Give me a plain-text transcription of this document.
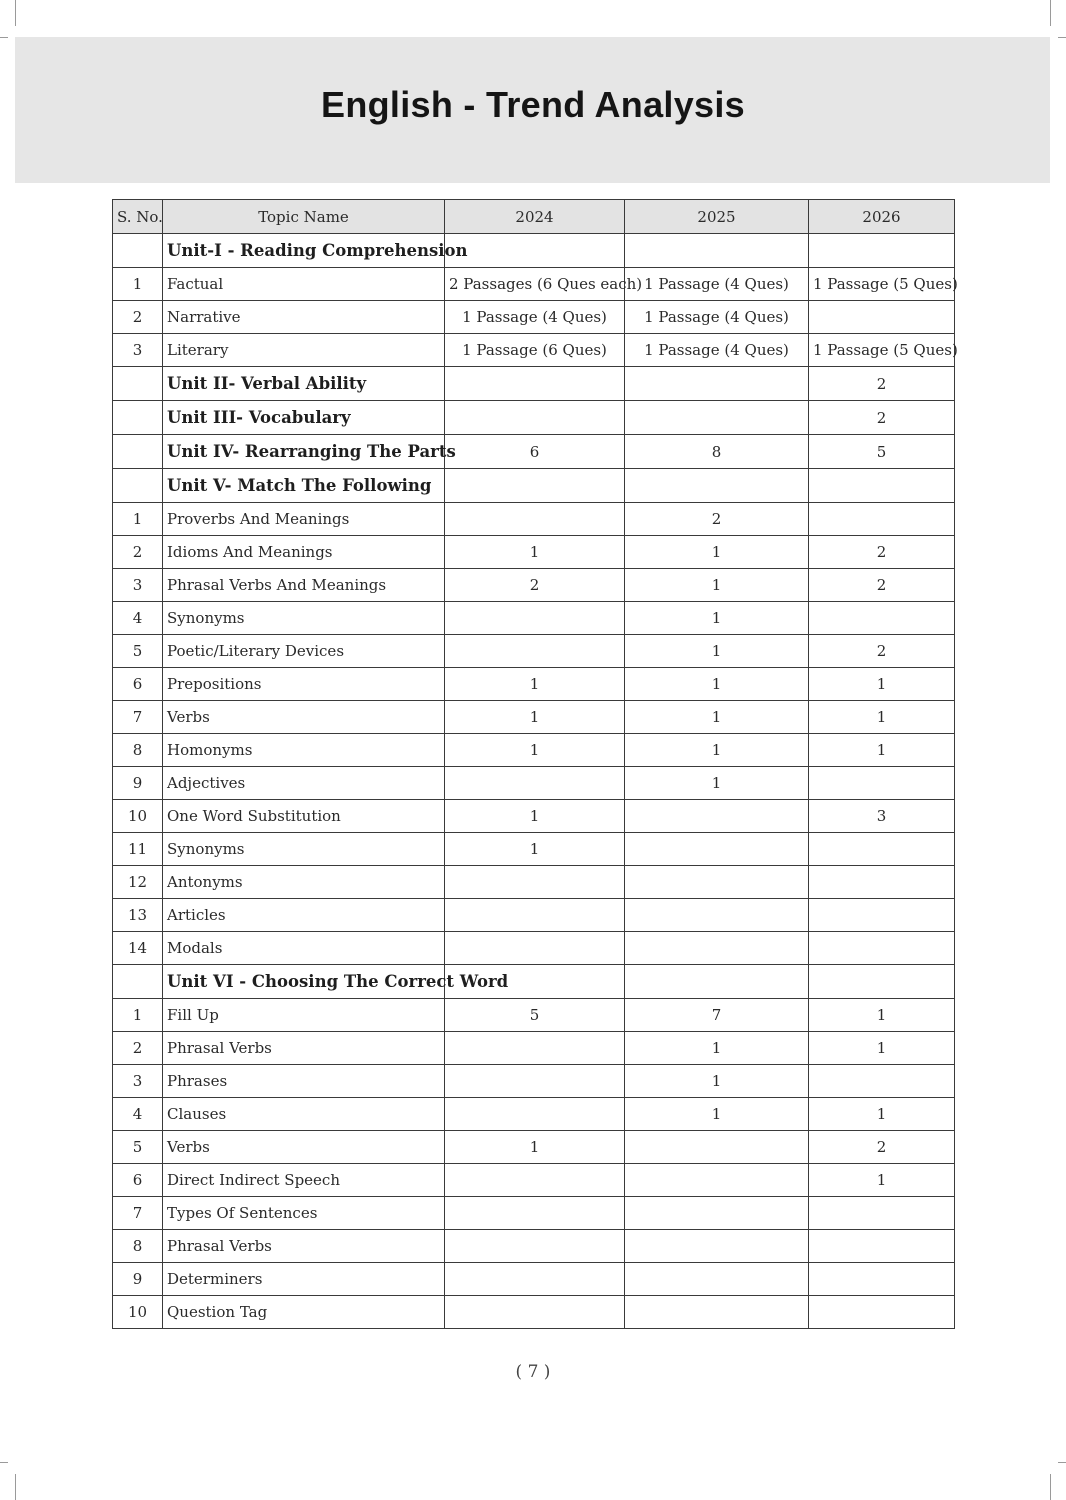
English - Trend Analysis
S. No.	Topic Name	2024	2025	2026
	Unit-I - Reading Comprehension			
1	Factual	2 Passages (6 Ques each)	1 Passage (4 Ques)	1 Passage (5 Ques)
2	Narrative	1 Passage (4 Ques)	1 Passage (4 Ques)	
3	Literary	1 Passage (6 Ques)	1 Passage (4 Ques)	1 Passage (5 Ques)
	Unit II- Verbal Ability			2
	Unit III- Vocabulary			2
	Unit IV- Rearranging The Parts	6	8	5
	Unit V- Match The Following			
1	Proverbs And Meanings		2	
2	Idioms And Meanings	1	1	2
3	Phrasal Verbs And Meanings	2	1	2
4	Synonyms		1	
5	Poetic/Literary Devices		1	2
6	Prepositions	1	1	1
7	Verbs	1	1	1
8	Homonyms	1	1	1
9	Adjectives		1	
10	One Word Substitution	1		3
11	Synonyms	1		
12	Antonyms			
13	Articles			
14	Modals			
	Unit VI - Choosing The Correct Word			
1	Fill Up	5	7	1
2	Phrasal Verbs		1	1
3	Phrases		1	
4	Clauses		1	1
5	Verbs	1		2
6	Direct Indirect Speech			1
7	Types Of Sentences			
8	Phrasal Verbs			
9	Determiners			
10	Question Tag			
( 7 )
